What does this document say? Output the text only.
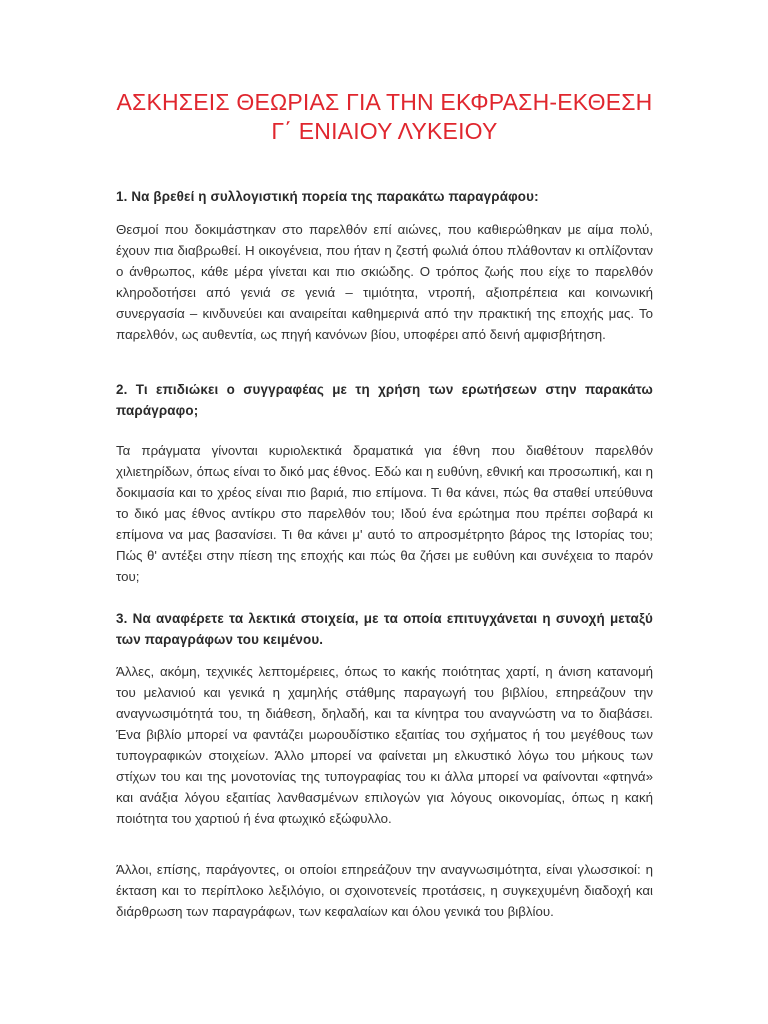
ΑΣΚΗΣΕΙΣ ΘΕΩΡΙΑΣ ΓΙΑ ΤΗΝ ΕΚΦΡΑΣΗ-ΕΚΘΕΣΗ Γ΄ ΕΝΙΑΙΟΥ ΛΥΚΕΙΟΥ
1. Να βρεθεί η συλλογιστική πορεία της παρακάτω παραγράφου:
Θεσμοί που δοκιμάστηκαν στο παρελθόν επί αιώνες, που καθιερώθηκαν με αίμα πολύ, έχουν πια διαβρωθεί. Η οικογένεια, που ήταν η ζεστή φωλιά όπου πλάθονταν κι οπλίζονταν ο άνθρωπος, κάθε μέρα γίνεται και πιο σκιώδης. Ο τρόπος ζωής που είχε το παρελθόν κληροδοτήσει από γενιά σε γενιά – τιμιότητα, ντροπή, αξιοπρέπεια και κοινωνική συνεργασία – κινδυνεύει και αναιρείται καθημερινά από την πρακτική της εποχής μας. Το παρελθόν, ως αυθεντία, ως πηγή κανόνων βίου, υποφέρει από δεινή αμφισβήτηση.
2. Τι επιδιώκει ο συγγραφέας με τη χρήση των ερωτήσεων στην παρακάτω παράγραφο;
Τα πράγματα γίνονται κυριολεκτικά δραματικά για έθνη που διαθέτουν παρελθόν χιλιετηρίδων, όπως είναι το δικό μας έθνος. Εδώ και η ευθύνη, εθνική και προσωπική, και η δοκιμασία και το χρέος είναι πιο βαριά, πιο επίμονα. Τι θα κάνει, πώς θα σταθεί υπεύθυνα το δικό μας έθνος αντίκρυ στο παρελθόν του; Ιδού ένα ερώτημα που πρέπει σοβαρά κι επίμονα να μας βασανίσει. Τι θα κάνει μ' αυτό το απροσμέτρητο βάρος της Ιστορίας του; Πώς θ' αντέξει στην πίεση της εποχής και πώς θα ζήσει με ευθύνη και συνέχεια το παρόν του;
3. Να αναφέρετε τα λεκτικά στοιχεία, με τα οποία επιτυγχάνεται η συνοχή μεταξύ των παραγράφων του κειμένου.
Άλλες, ακόμη, τεχνικές λεπτομέρειες, όπως το κακής ποιότητας χαρτί, η άνιση κατανομή του μελανιού και γενικά η χαμηλής στάθμης παραγωγή του βιβλίου, επηρεάζουν την αναγνωσιμότητά του, τη διάθεση, δηλαδή, και τα κίνητρα του αναγνώστη να το διαβάσει. Ένα βιβλίο μπορεί να φαντάζει μωρουδίστικο εξαιτίας του σχήματος ή του μεγέθους των τυπογραφικών στοιχείων. Άλλο μπορεί να φαίνεται μη ελκυστικό λόγω του μήκους των στίχων του και της μονοτονίας της τυπογραφίας του κι άλλα μπορεί να φαίνονται «φτηνά» και ανάξια λόγου εξαιτίας λανθασμένων επιλογών για λόγους οικονομίας, όπως η κακή ποιότητα του χαρτιού ή ένα φτωχικό εξώφυλλο.
Άλλοι, επίσης, παράγοντες, οι οποίοι επηρεάζουν την αναγνωσιμότητα, είναι γλωσσικοί: η έκταση και το περίπλοκο λεξιλόγιο, οι σχοινοτενείς προτάσεις, η συγκεχυμένη διαδοχή και διάρθρωση των παραγράφων, των κεφαλαίων και όλου γενικά του βιβλίου.
